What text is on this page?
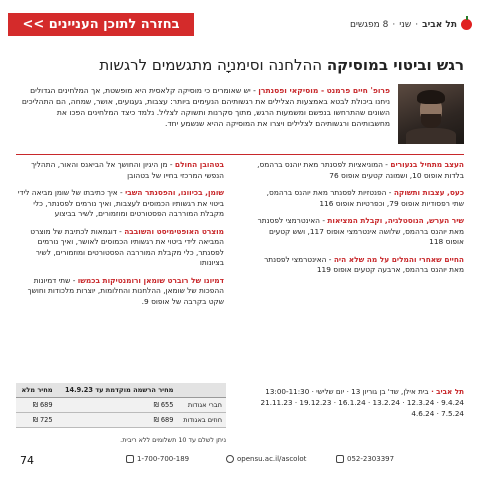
בחזרה לתוכן העניינים >>	תל אביב
·
שני
·
8 מפגשים
רגש וביטוי במוסיקה ההלחנה וסימניָה מתגשמים לרגשות
פרופ' חיים פרמנט - מוסיקאי ופסנתרן - יש שאומרים כי מוסיקה קלאסית היא מופשטת, אך המלחינים הגדולים ניחנו ביכולת לבטא באמצעות הצלילים את רגשותיהם הנעימים ביותר: עצבות, געגועים, אושר, שמחה, הם התהליכים השונים שהתרחשו בנפשם ומשמעות הרגש, מתוך סקרנות ותשוקה לצליל. נלמד כיצד המלחינים הפכו את מחשבותיהם ורגשותיהם לצלילים ויצרו את המוסיקה ההיא שנשמע יחד.
העצב מתחיל בנעורים - המוניאציות לפסנתר מאת יוהנס ברהמס, בלדות אופוס 10, ושמונה קטעים אופוס 76
כעס, עצבות ותשוקה - הפנטזיות לפסנתר מאת יוהנס ברהמס, שתי רפסודיות אופוס 79, וכפרטיות אופוס 116
שיר הערש, הנוסטלגיה, וקבלת המציאות - האינטרמצי לפסנתר מאת יוהנס ברהמס, שלושה אינטרמצי אופוס 117, ושש קטעים אופוס 118
החיים שאחרי והמלים על מה שלא היה - האינטרמצי לפסנתר מאת יוהנס ברהמס, ארבעה קטעים אופוס 119
בטהובן החולם - מן היגיון והחושך אל הביאנס והאור, התהליך הנפשי המרכזי בחייו של בטהובן
שומן, בכיוונו, והפסנתר השבי - איך כתיבתו של שומן מביאה לידי ביטוי את רגשותיו הכמוסים לעצבות, ואיך נורמים לפסנתר, כלי מקבלת המוררבה הפסטורטים ומוזמורים, לשיר בביצוע
מוצרט האופטימיסט והשובבה - דוגמאות לכתיבת של מוצרט המביאה לידי ביטוי את רגשותיו הכמוסים לאושר, ואיך נורמים לפסנתר, כלי מקבלת המוררבה הפסטורטים ומוזמורים, לשיר בציונותו
דמיונו של רוברט שומאן ורומנטיקות בכמשו - שתי דמיונות ההפכות של שומאן, ההלחנות והחלומות, יוצרות מלכודות וחושך שקט בקרבה של אופוס 9.
תל אביב · בית אילן, שד' בן גוריון 13 · יום שלישי · 13:00-11:30
21.11.23 · 19.12.23 · 16.1.24 · 13.2.24 · 12.3.24 · 9.4.24
4.6.24 · 7.5.24
	מחיר הרשמה מוקדמת עד 14.9.23	מחיר מלא
חברי אגודות	₪ 655	₪ 689
חוזים באגודות	₪ 689	₪ 725
ניתן לשלם עד 10 תשלומים ללא ריבית.
74	1-700-700-189	opensu.ac.il/ascolot	052-2303397
